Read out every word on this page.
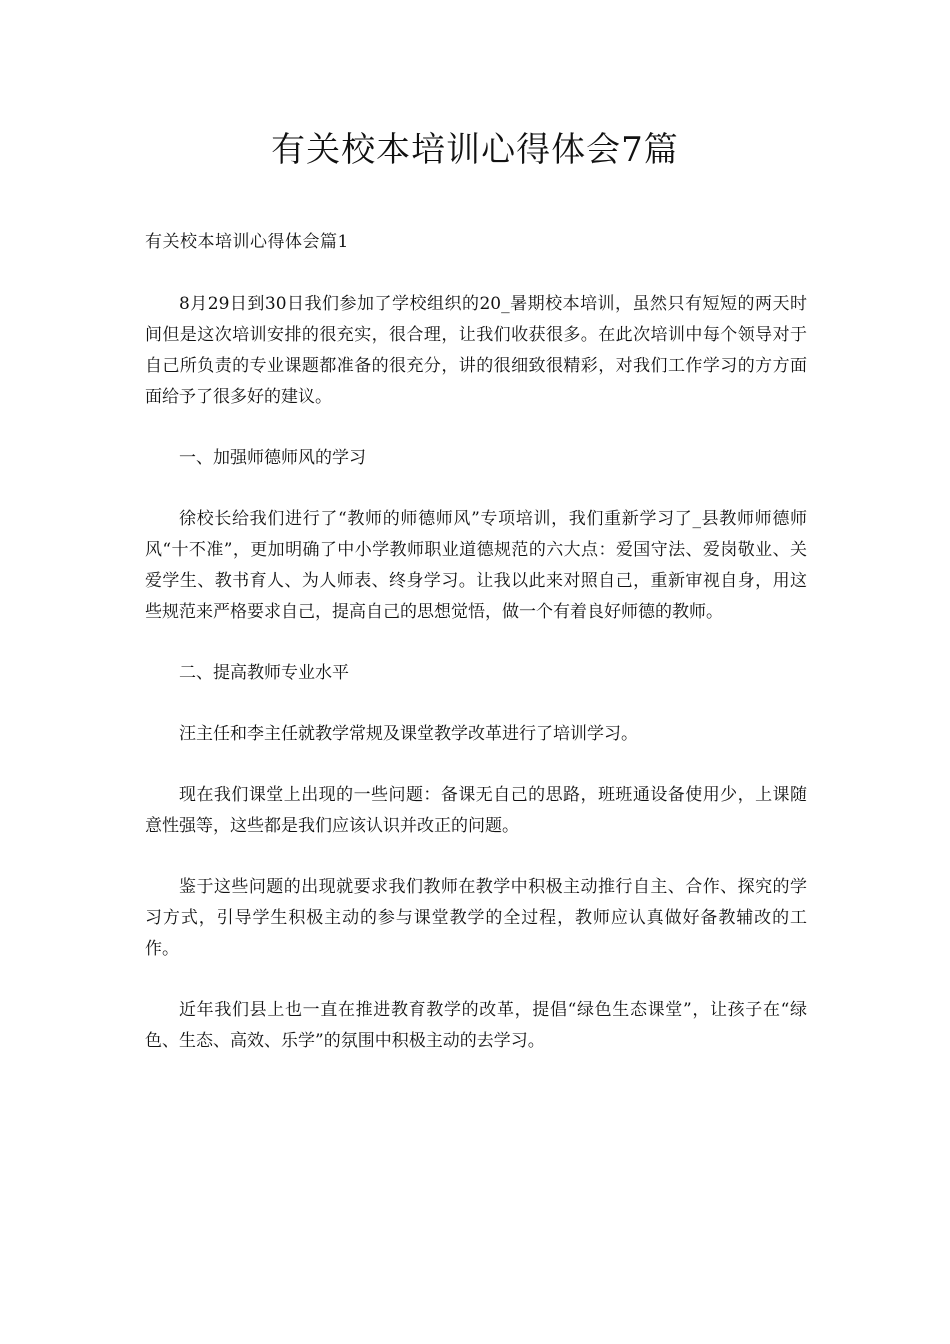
有关校本培训心得体会7篇
有关校本培训心得体会篇1

8月29日到30日我们参加了学校组织的20_暑期校本培训，虽然只有短短的两天时间但是这次培训安排的很充实，很合理，让我们收获很多。在此次培训中每个领导对于自己所负责的专业课题都准备的很充分，讲的很细致很精彩，对我们工作学习的方方面面给予了很多好的建议。

一、加强师德师风的学习

徐校长给我们进行了“教师的师德师风”专项培训，我们重新学习了_县教师师德师风“十不准”，更加明确了中小学教师职业道德规范的六大点：爱国守法、爱岗敬业、关爱学生、教书育人、为人师表、终身学习。让我以此来对照自己，重新审视自身，用这些规范来严格要求自己，提高自己的思想觉悟，做一个有着良好师德的教师。

二、提高教师专业水平

汪主任和李主任就教学常规及课堂教学改革进行了培训学习。

现在我们课堂上出现的一些问题：备课无自己的思路，班班通设备使用少，上课随意性强等，这些都是我们应该认识并改正的问题。

鉴于这些问题的出现就要求我们教师在教学中积极主动推行自主、合作、探究的学习方式，引导学生积极主动的参与课堂教学的全过程，教师应认真做好备教辅改的工作。

近年我们县上也一直在推进教育教学的改革，提倡“绿色生态课堂”，让孩子在“绿色、生态、高效、乐学”的氛围中积极主动的去学习。
